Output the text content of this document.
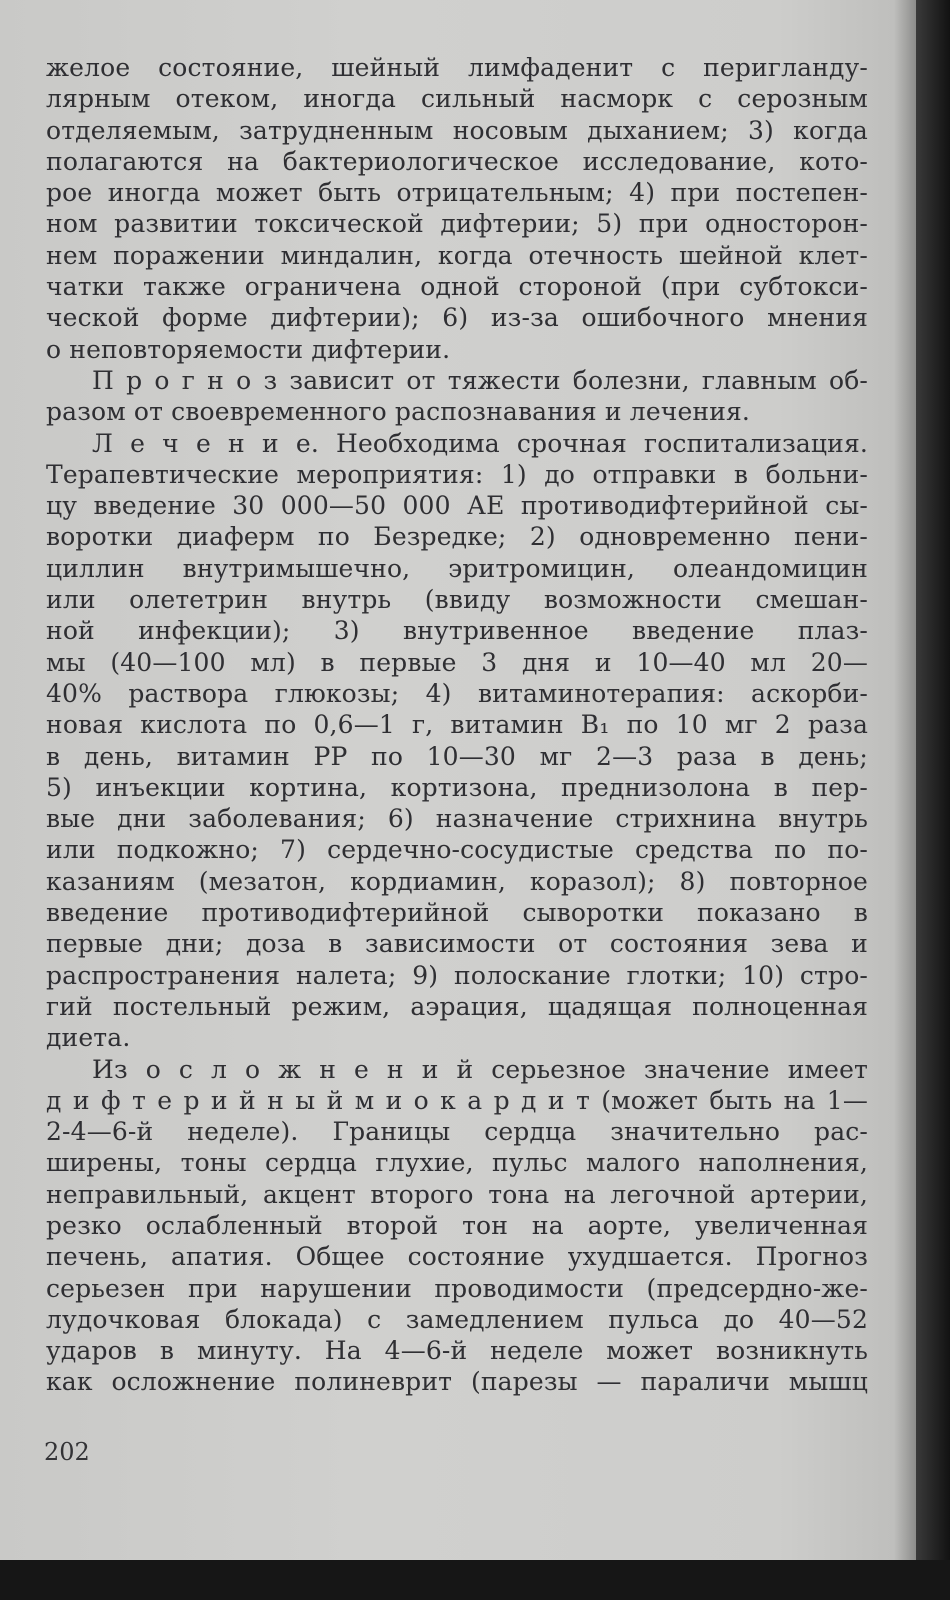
желое состояние, шейный лимфаденит с перигланду-
лярным отеком, иногда сильный насморк с серозным
отделяемым, затрудненным носовым дыханием; 3) когда
полагаются на бактериологическое исследование, кото-
рое иногда может быть отрицательным; 4) при постепен-
ном развитии токсической дифтерии; 5) при односторон-
нем поражении миндалин, когда отечность шейной клет-
чатки также ограничена одной стороной (при субтокси-
ческой форме дифтерии); 6) из-за ошибочного мнения
о неповторяемости дифтерии.
П р о г н о з зависит от тяжести болезни, главным об-
разом от своевременного распознавания и лечения.
Л е ч е н и е. Необходима срочная госпитализация.
Терапевтические мероприятия: 1) до отправки в больни-
цу введение 30 000—50 000 АЕ противодифтерийной сы-
воротки диаферм по Безредке; 2) одновременно пени-
циллин внутримышечно, эритромицин, олеандомицин
или олететрин внутрь (ввиду возможности смешан-
ной инфекции); 3) внутривенное введение плаз-
мы (40—100 мл) в первые 3 дня и 10—40 мл 20—
40% раствора глюкозы; 4) витаминотерапия: аскорби-
новая кислота по 0,6—1 г, витамин B₁ по 10 мг 2 раза
в день, витамин PP по 10—30 мг 2—3 раза в день;
5) инъекции кортина, кортизона, преднизолона в пер-
вые дни заболевания; 6) назначение стрихнина внутрь
или подкожно; 7) сердечно-сосудистые средства по по-
казаниям (мезатон, кордиамин, коразол); 8) повторное
введение противодифтерийной сыворотки показано в
первые дни; доза в зависимости от состояния зева и
распространения налета; 9) полоскание глотки; 10) стро-
гий постельный режим, аэрация, щадящая полноценная
диета.
Из о с л о ж н е н и й серьезное значение имеет
д и ф т е р и й н ы й м и о к а р д и т (может быть на 1—
2-4—6-й неделе). Границы сердца значительно рас-
ширены, тоны сердца глухие, пульс малого наполнения,
неправильный, акцент второго тона на легочной артерии,
резко ослабленный второй тон на аорте, увеличенная
печень, апатия. Общее состояние ухудшается. Прогноз
серьезен при нарушении проводимости (предсердно-же-
лудочковая блокада) с замедлением пульса до 40—52
ударов в минуту. На 4—6-й неделе может возникнуть
как осложнение полиневрит (парезы — параличи мышц
202
